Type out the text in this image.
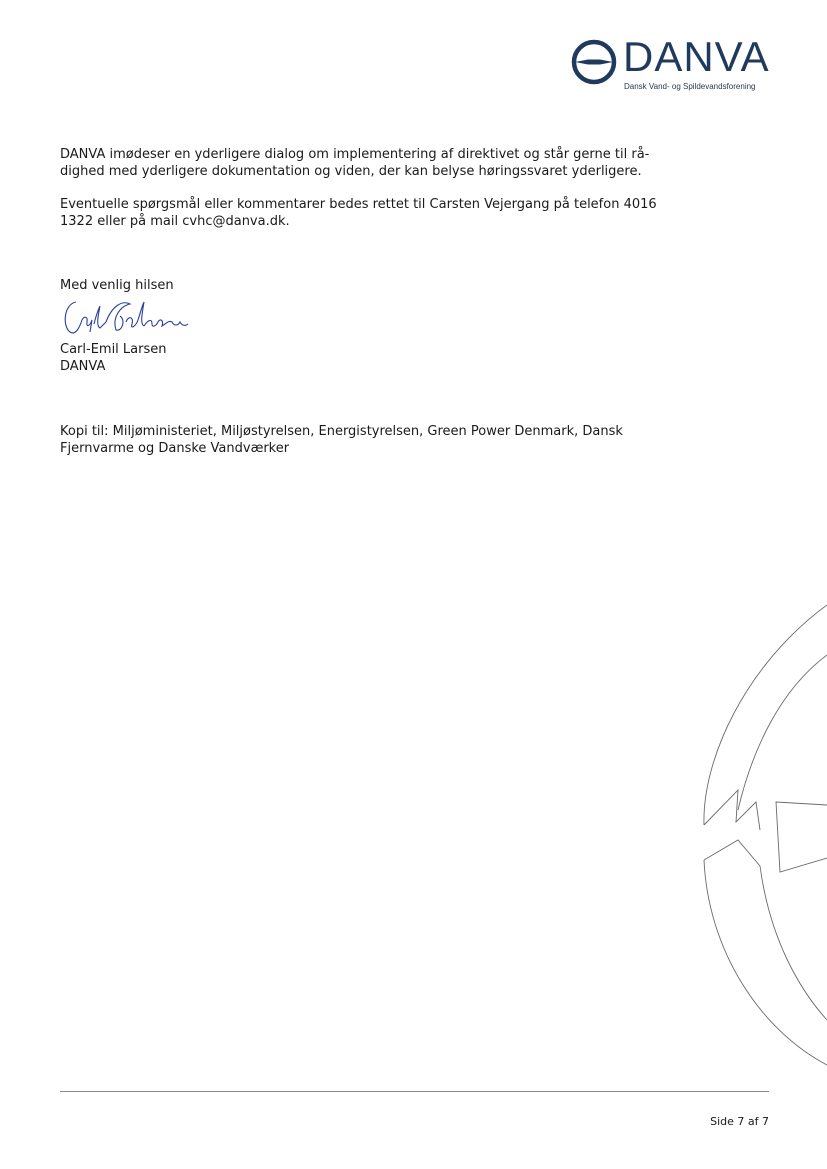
DANVA
Dansk Vand- og Spildevandsforening

DANVA imødeser en yderligere dialog om implementering af direktivet og står gerne til rå-dighed med yderligere dokumentation og viden, der kan belyse høringssvaret yderligere.

Eventuelle spørgsmål eller kommentarer bedes rettet til Carsten Vejergang på telefon 4016 1322 eller på mail cvhc@danva.dk.

Med venlig hilsen

Carl-Emil Larsen

DANVA

Kopi til: Miljøministeriet, Miljøstyrelsen, Energistyrelsen, Green Power Denmark, Dansk Fjernvarme og Danske Vandværker

Side 7 af 7
